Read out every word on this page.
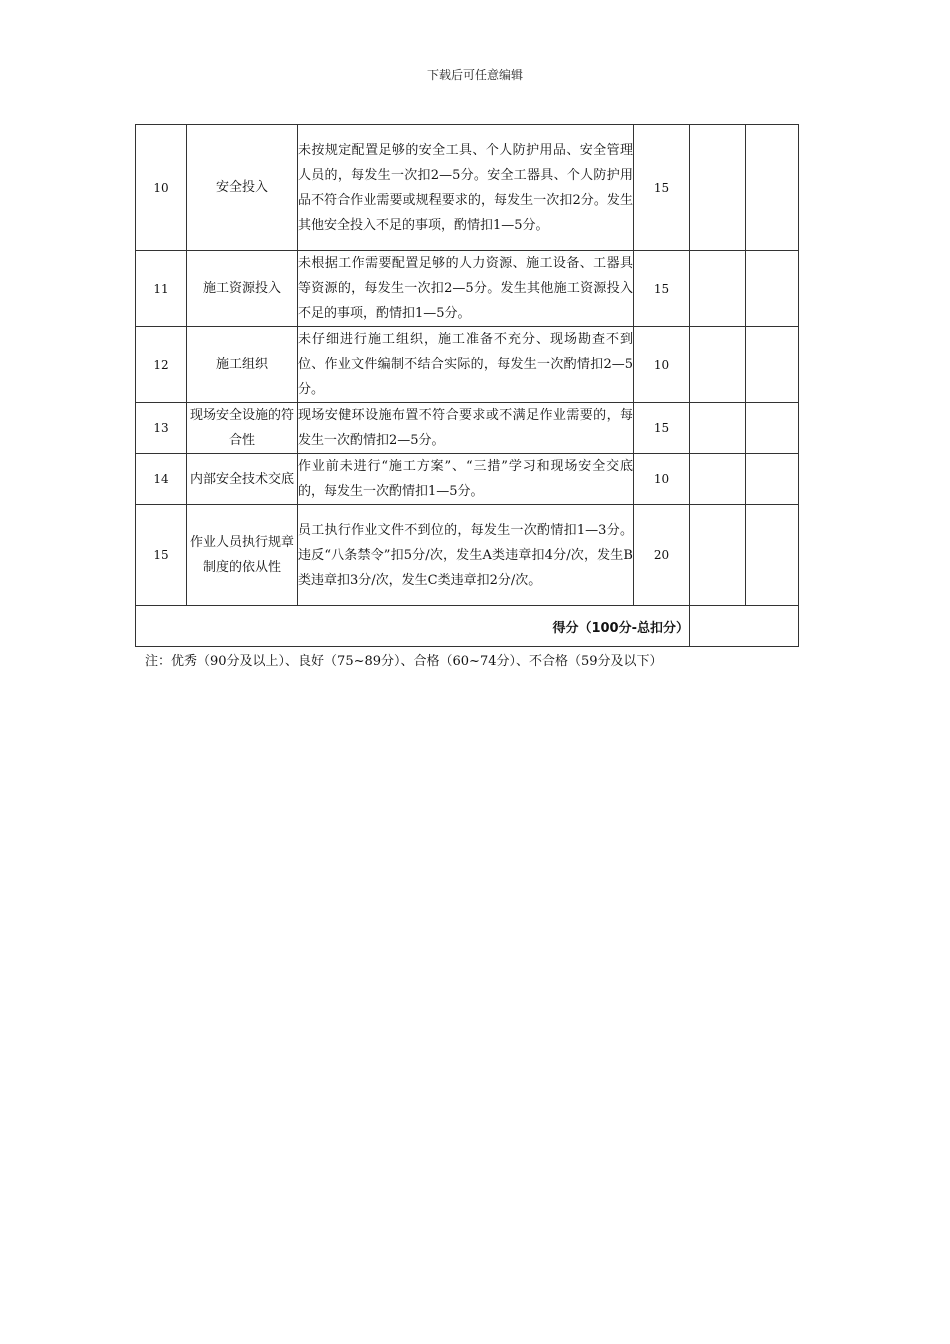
下载后可任意编辑
10	安全投入	未按规定配置足够的安全工具、个人防护用品、安全管理人员的，每发生一次扣2—5分。安全工器具、个人防护用品不符合作业需要或规程要求的，每发生一次扣2分。发生其他安全投入不足的事项，酌情扣1—5分。	15		
11	施工资源投入	未根据工作需要配置足够的人力资源、施工设备、工器具等资源的，每发生一次扣2—5分。发生其他施工资源投入不足的事项，酌情扣1—5分。	15		
12	施工组织	未仔细进行施工组织，施工准备不充分、现场勘查不到位、作业文件编制不结合实际的，每发生一次酌情扣2—5分。	10		
13	现场安全设施的符合性	现场安健环设施布置不符合要求或不满足作业需要的，每发生一次酌情扣2—5分。	15		
14	内部安全技术交底	作业前未进行“施工方案”、“三措”学习和现场安全交底的，每发生一次酌情扣1—5分。	10		
15	作业人员执行规章制度的依从性	员工执行作业文件不到位的，每发生一次酌情扣1—3分。违反“八条禁令”扣5分/次，发生A类违章扣4分/次，发生B类违章扣3分/次，发生C类违章扣2分/次。	20		
得分（100分-总扣分）					
注：优秀（90分及以上）、良好（75~89分）、合格（60~74分）、不合格（59分及以下）
